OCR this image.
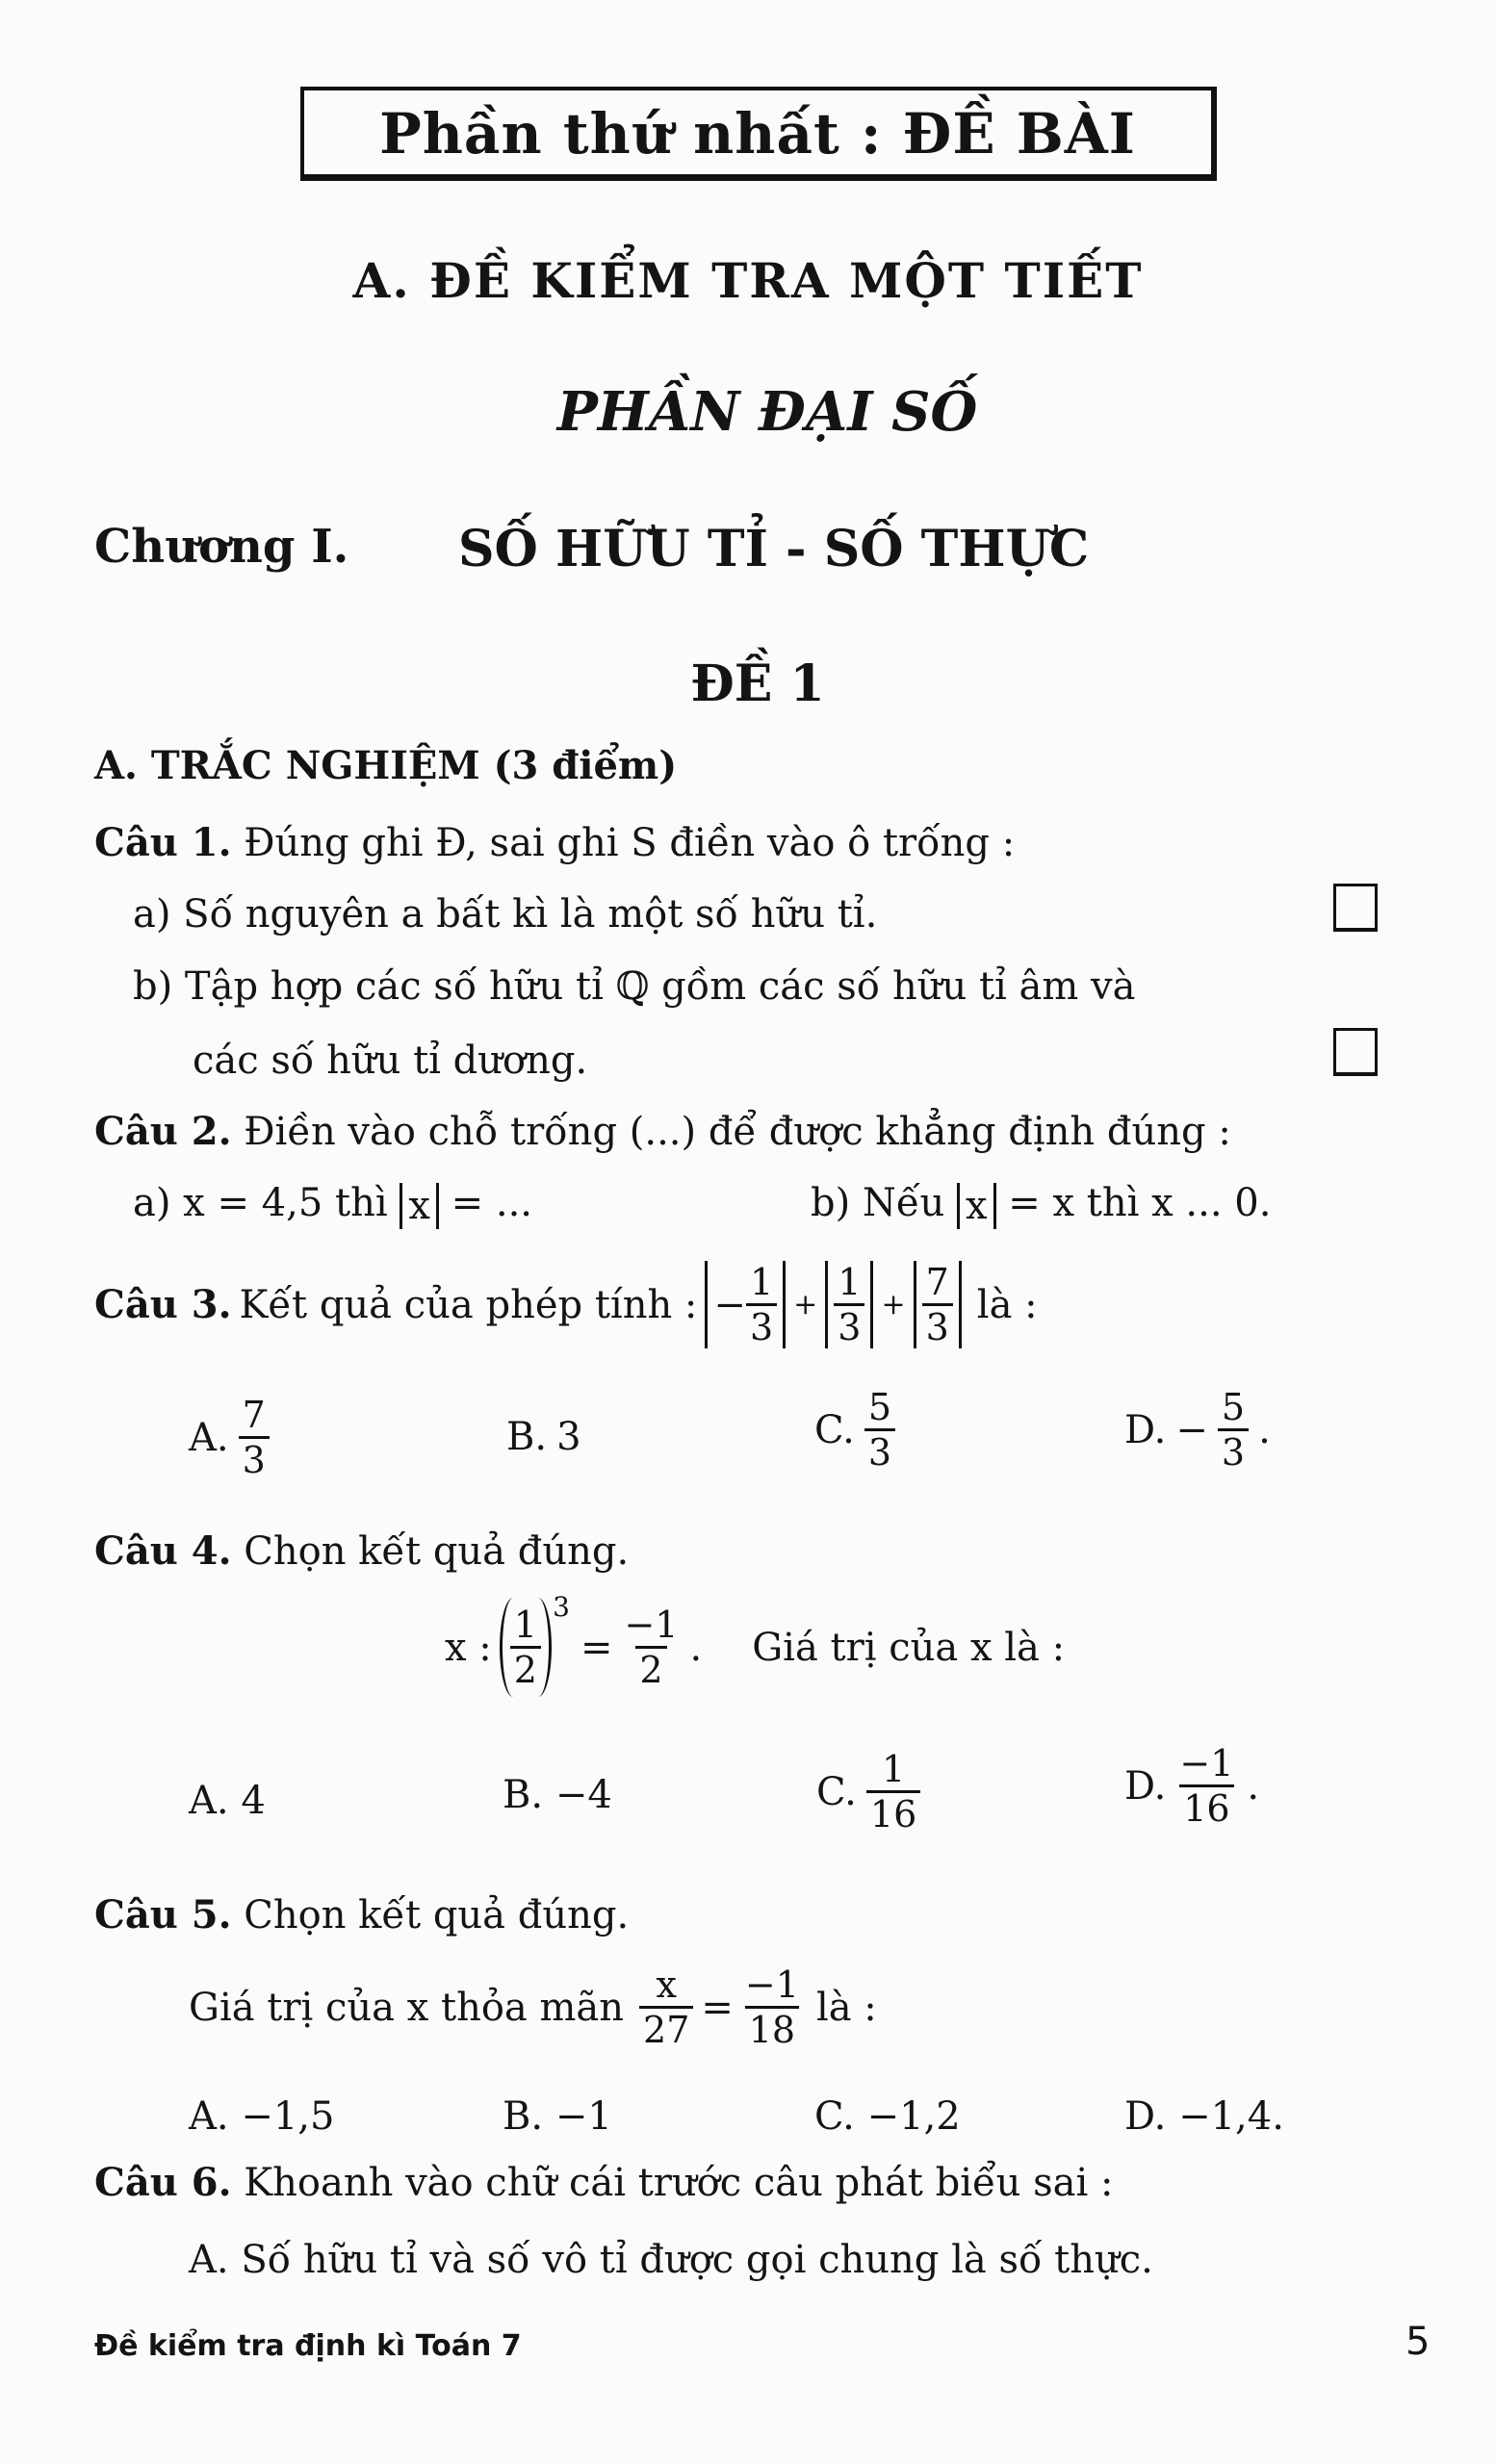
Phần thứ nhất : ĐỀ BÀI
A. ĐỀ KIỂM TRA MỘT TIẾT
PHẦN ĐẠI SỐ
Chương I. SỐ HỮU TỈ - SỐ THỰC
ĐỀ 1
A. TRẮC NGHIỆM (3 điểm)
Câu 1. Đúng ghi Đ, sai ghi S điền vào ô trống :
a) Số nguyên a bất kì là một số hữu tỉ.
b) Tập hợp các số hữu tỉ ℚ gồm các số hữu tỉ âm và
các số hữu tỉ dương.
Câu 2. Điền vào chỗ trống (...) để được khẳng định đúng :
a) x = 4,5 thì x = ...	b) Nếu x = x thì x ... 0.
Câu 3. Kết quả của phép tính : − $\frac{1}{3} + \frac{1}{3} + \frac{7}{3}$ là :
A. $\frac{7}{3}$	B. 3	C. $\frac{5}{3}$	D. − $\frac{5}{3}$ .
Câu 4. Chọn kết quả đúng.
x : $\frac{1}{2} 3$
= $\frac{-1}{2}$ . Giá trị của x là :
A. 4	B. −4	C. $\frac{1}{16}$	D. $\frac{-1}{16}$ .
Câu 5. Chọn kết quả đúng.
Giá trị của x thỏa mãn $\frac{x}{27} = \frac{-1}{18}$ là :
A. −1,5	B. −1	C. −1,2	D. −1,4.
Câu 6. Khoanh vào chữ cái trước câu phát biểu sai :
A. Số hữu tỉ và số vô tỉ được gọi chung là số thực.
Đề kiểm tra định kì Toán 7	5
